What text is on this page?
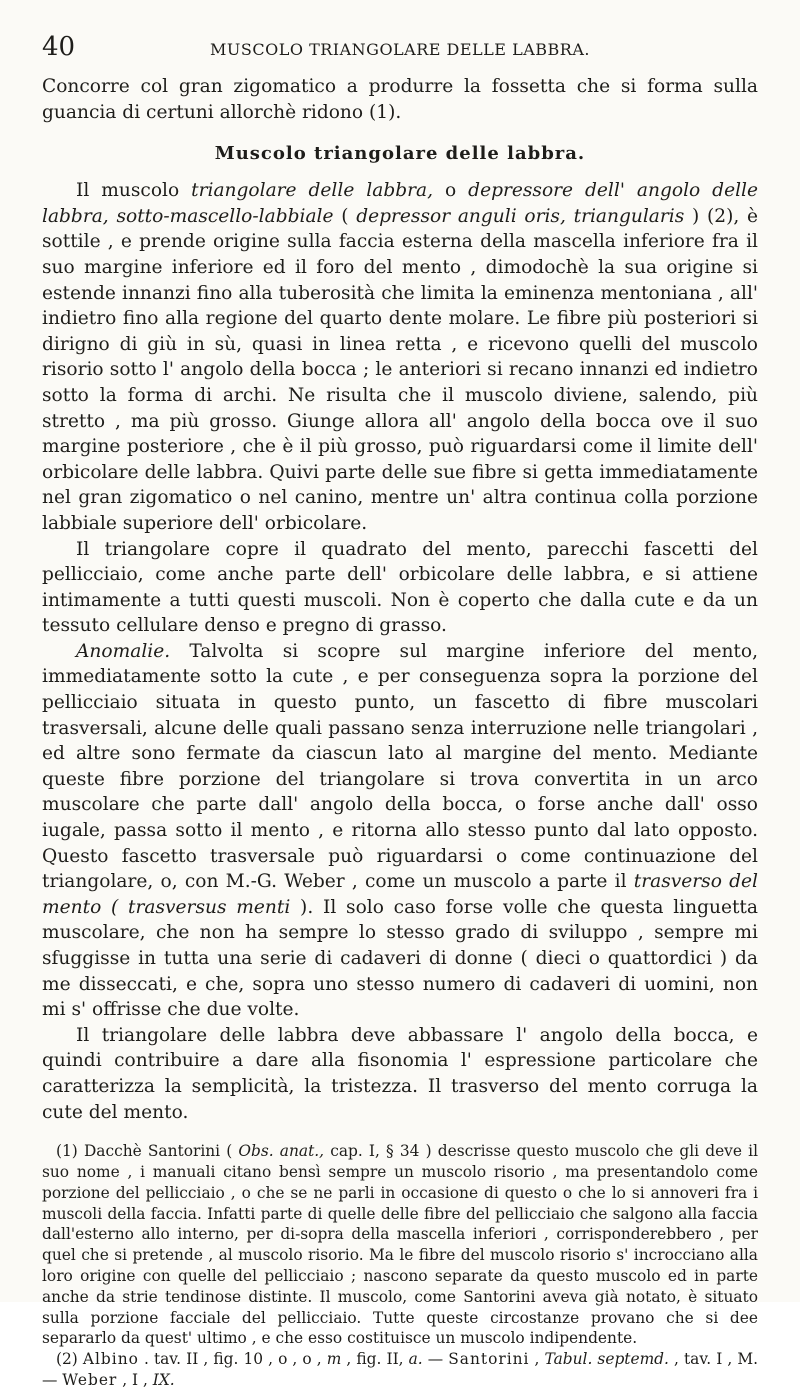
40	MUSCOLO TRIANGOLARE DELLE LABBRA.

Concorre col gran zigomatico a produrre la fossetta che si forma sulla guancia di certuni allorchè ridono (1).

Muscolo triangolare delle labbra.

Il muscolo triangolare delle labbra, o depressore dell' angolo delle labbra, sotto-mascello-labbiale ( depressor anguli oris, triangularis ) (2), è sottile , e prende origine sulla faccia esterna della mascella inferiore fra il suo margine inferiore ed il foro del mento , dimodochè la sua origine si estende innanzi fino alla tuberosità che limita la eminenza mentoniana , all' indietro fino alla regione del quarto dente molare. Le fibre più posteriori si dirigno di giù in sù, quasi in linea retta , e ricevono quelli del muscolo risorio sotto l' angolo della bocca ; le anteriori si recano innanzi ed indietro sotto la forma di archi. Ne risulta che il muscolo diviene, salendo, più stretto , ma più grosso. Giunge allora all' angolo della bocca ove il suo margine posteriore , che è il più grosso, può riguardarsi come il limite dell' orbicolare delle labbra. Quivi parte delle sue fibre si getta immediatamente nel gran zigomatico o nel canino, mentre un' altra continua colla porzione labbiale superiore dell' orbicolare.

Il triangolare copre il quadrato del mento, parecchi fascetti del pellicciaio, come anche parte dell' orbicolare delle labbra, e si attiene intimamente a tutti questi muscoli. Non è coperto che dalla cute e da un tessuto cellulare denso e pregno di grasso.

Anomalie. Talvolta si scopre sul margine inferiore del mento, immediatamente sotto la cute , e per conseguenza sopra la porzione del pellicciaio situata in questo punto, un fascetto di fibre muscolari trasversali, alcune delle quali passano senza interruzione nelle triangolari , ed altre sono fermate da ciascun lato al margine del mento. Mediante queste fibre porzione del triangolare si trova convertita in un arco muscolare che parte dall' angolo della bocca, o forse anche dall' osso iugale, passa sotto il mento , e ritorna allo stesso punto dal lato opposto. Questo fascetto trasversale può riguardarsi o come continuazione del triangolare, o, con M.-G. Weber , come un muscolo a parte il trasverso del mento ( trasversus menti ). Il solo caso forse volle che questa linguetta muscolare, che non ha sempre lo stesso grado di sviluppo , sempre mi sfuggisse in tutta una serie di cadaveri di donne ( dieci o quattordici ) da me disseccati, e che, sopra uno stesso numero di cadaveri di uomini, non mi s' offrisse che due volte.

Il triangolare delle labbra deve abbassare l' angolo della bocca, e quindi contribuire a dare alla fisonomia l' espressione particolare che caratterizza la semplicità, la tristezza. Il trasverso del mento corruga la cute del mento.

(1) Dacchè Santorini ( Obs. anat., cap. I, § 34 ) descrisse questo muscolo che gli deve il suo nome , i manuali citano bensì sempre un muscolo risorio , ma presentandolo come porzione del pellicciaio , o che se ne parli in occasione di questo o che lo si annoveri fra i muscoli della faccia. Infatti parte di quelle delle fibre del pellicciaio che salgono alla faccia dall'esterno allo interno, per di-sopra della mascella inferiori , corrisponderebbero , per quel che si pretende , al muscolo risorio. Ma le fibre del muscolo risorio s' incrocciano alla loro origine con quelle del pellicciaio ; nascono separate da questo muscolo ed in parte anche da strie tendinose distinte. Il muscolo, come Santorini aveva già notato, è situato sulla porzione facciale del pellicciaio. Tutte queste circostanze provano che si dee separarlo da quest' ultimo , e che esso costituisce un muscolo indipendente.

(2) Albino . tav. II , fig. 10 , o , o , m , fig. II, a. — Santorini , Tabul. septemd. , tav. I , M. — Weber , I , IX.
